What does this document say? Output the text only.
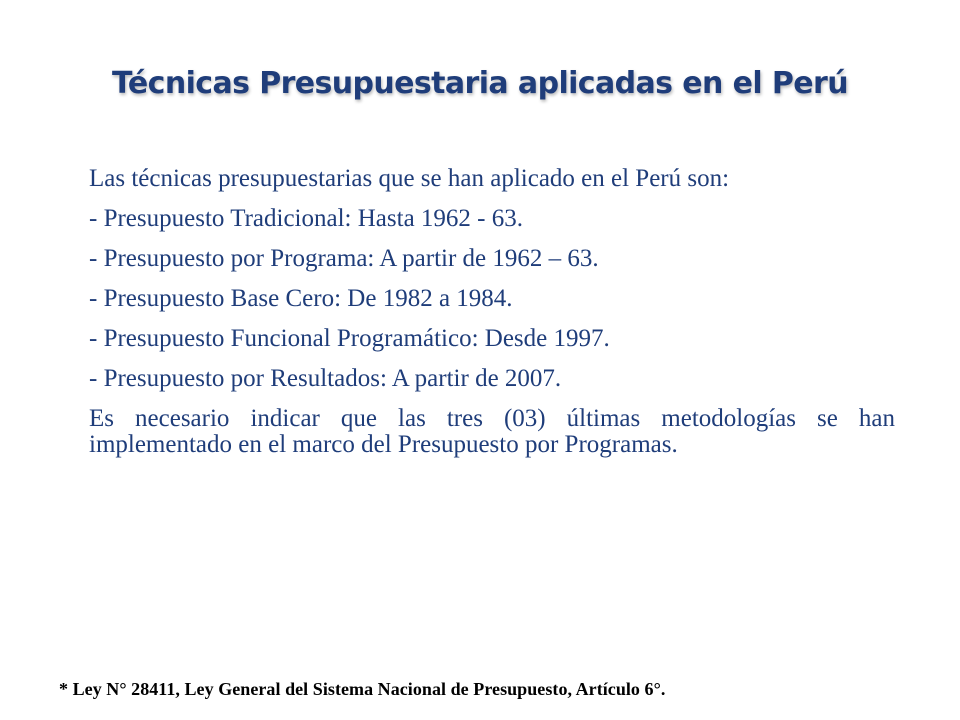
Técnicas Presupuestaria aplicadas en el Perú

Las técnicas presupuestarias que se han aplicado en el Perú son:

- Presupuesto Tradicional: Hasta 1962 - 63.
- Presupuesto por Programa: A partir de 1962 – 63.
- Presupuesto Base Cero: De 1982 a 1984.
- Presupuesto Funcional Programático: Desde 1997.
- Presupuesto por Resultados: A partir de 2007.

Es necesario indicar que las tres (03) últimas metodologías se han implementado en el marco del Presupuesto por Programas.

* Ley N° 28411, Ley General del Sistema Nacional de Presupuesto, Artículo 6°.
